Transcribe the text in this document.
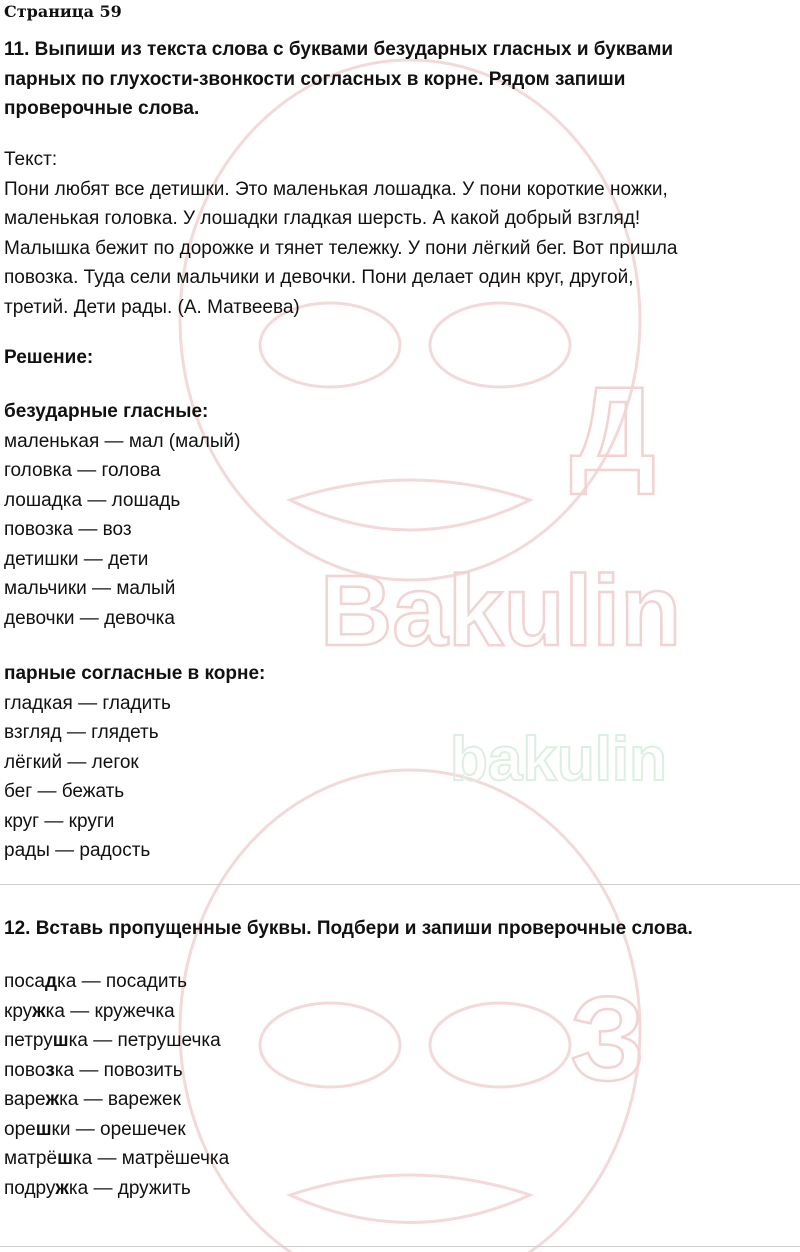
Bakulin
bakulin
Д
З
Страница 59

11. Выпиши из текста слова с буквами безударных гласных и буквами

парных по глухости-звонкости согласных в корне. Рядом запиши

проверочные слова.

Текст:

Пони любят все детишки. Это маленькая лошадка. У пони короткие ножки,

маленькая головка. У лошадки гладкая шерсть. А какой добрый взгляд!

Малышка бежит по дорожке и тянет тележку. У пони лёгкий бег. Вот пришла

повозка. Туда сели мальчики и девочки. Пони делает один круг, другой,

третий. Дети рады. (А. Матвеева)

Решение:

безударные гласные:

маленькая — мал (малый)
головка — голова
лошадка — лошадь
повозка — воз
детишки — дети
мальчики — малый
девочки — девочка

парные согласные в корне:

гладкая — гладить
взгляд — глядеть
лёгкий — легок
бег — бежать
круг — круги
рады — радость

12. Вставь пропущенные буквы. Подбери и запиши проверочные слова.

посадка — посадить
кружка — кружечка
петрушка — петрушечка
повозка — повозить
варежка — варежек
орешки — орешечек
матрёшка — матрёшечка
подружка — дружить
